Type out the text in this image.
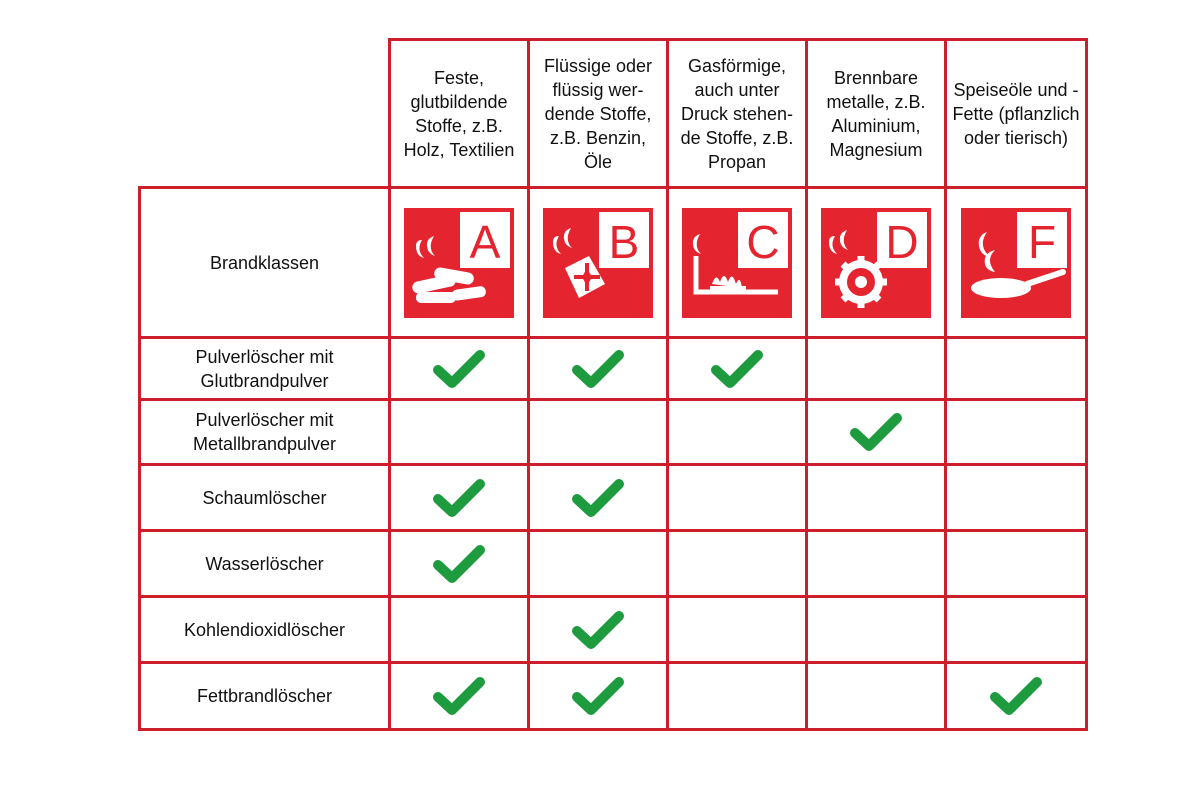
Feste, glutbildende Stoffe, z.B. Holz, Textilien
Flüssige oder flüssig wer-dende Stoffe, z.B. Benzin, Öle
Gasförmige, auch unter Druck stehen-de Stoffe, z.B. Propan
Brennbare metalle, z.B. Aluminium, Magnesium
Speiseöle und -Fette (pflanzlich oder tierisch)
Brandklassen	A B C D F
Pulverlöscher mit Glutbrandpulver
Pulverlöscher mit Metallbrandpulver
Schaumlöscher
Wasserlöscher
Kohlendioxidlöscher
Fettbrandlöscher
